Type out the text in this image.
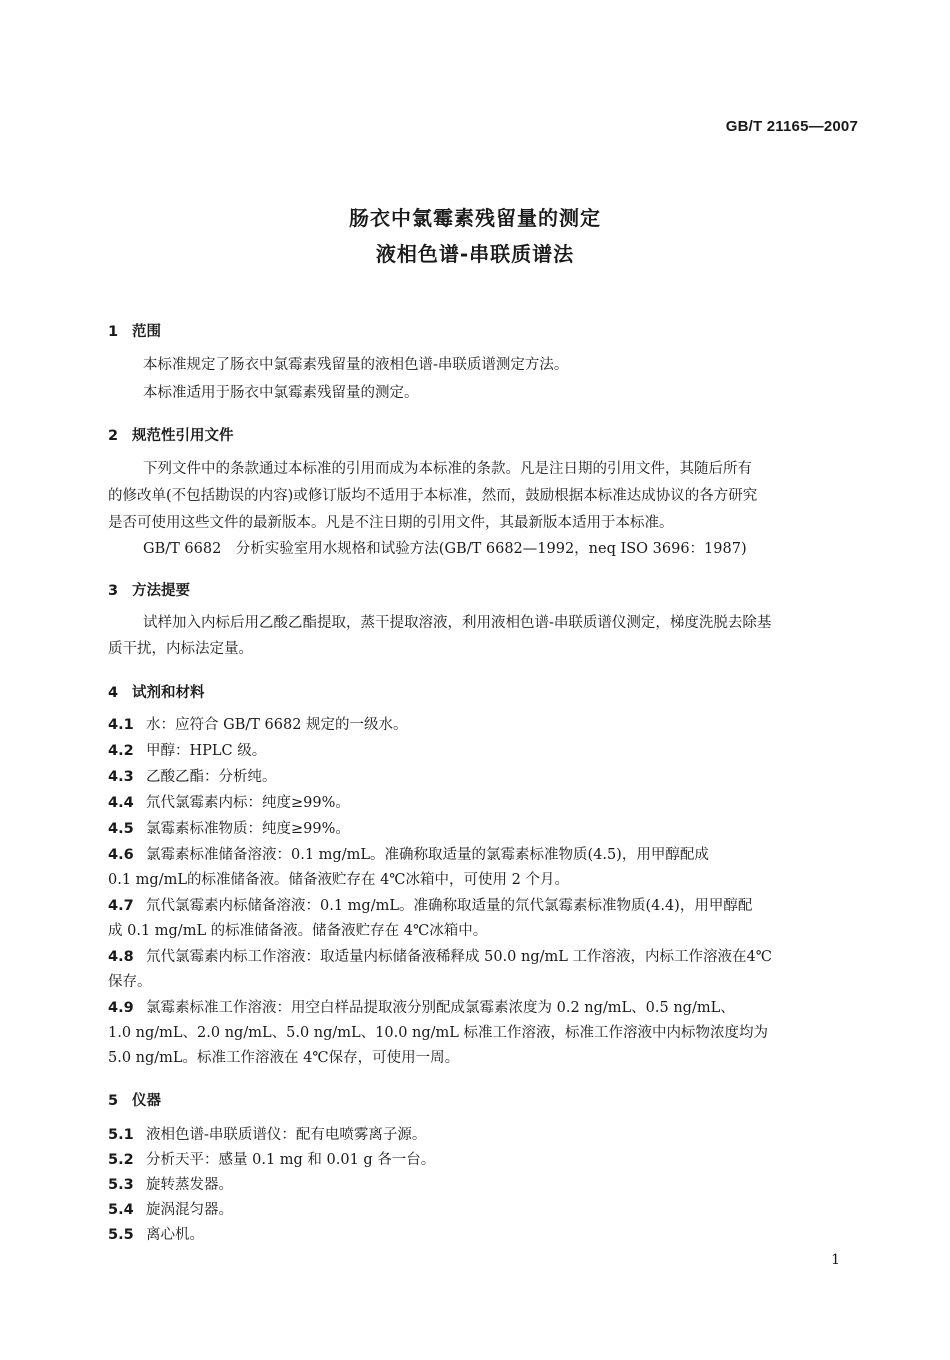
GB/T 21165—2007
肠衣中氯霉素残留量的测定
液相色谱-串联质谱法
1 范围
本标准规定了肠衣中氯霉素残留量的液相色谱-串联质谱测定方法。
本标准适用于肠衣中氯霉素残留量的测定。
2 规范性引用文件
下列文件中的条款通过本标准的引用而成为本标准的条款。凡是注日期的引用文件，其随后所有
的修改单(不包括勘误的内容)或修订版均不适用于本标准，然而，鼓励根据本标准达成协议的各方研究
是否可使用这些文件的最新版本。凡是不注日期的引用文件，其最新版本适用于本标准。
GB/T 6682　分析实验室用水规格和试验方法(GB/T 6682—1992，neq ISO 3696：1987)
3 方法提要
试样加入内标后用乙酸乙酯提取，蒸干提取溶液，利用液相色谱-串联质谱仪测定，梯度洗脱去除基
质干扰，内标法定量。
4 试剂和材料
4.1 水：应符合 GB/T 6682 规定的一级水。
4.2 甲醇：HPLC 级。
4.3 乙酸乙酯：分析纯。
4.4 氘代氯霉素内标：纯度≥99%。
4.5 氯霉素标准物质：纯度≥99%。
4.6 氯霉素标准储备溶液：0.1 mg/mL。准确称取适量的氯霉素标准物质(4.5)，用甲醇配成
0.1 mg/mL的标准储备液。储备液贮存在 4℃冰箱中，可使用 2 个月。
4.7 氘代氯霉素内标储备溶液：0.1 mg/mL。准确称取适量的氘代氯霉素标准物质(4.4)，用甲醇配
成 0.1 mg/mL 的标准储备液。储备液贮存在 4℃冰箱中。
4.8 氘代氯霉素内标工作溶液：取适量内标储备液稀释成 50.0 ng/mL 工作溶液，内标工作溶液在4℃
保存。
4.9 氯霉素标准工作溶液：用空白样品提取液分别配成氯霉素浓度为 0.2 ng/mL、0.5 ng/mL、
1.0 ng/mL、2.0 ng/mL、5.0 ng/mL、10.0 ng/mL 标准工作溶液，标准工作溶液中内标物浓度均为
5.0 ng/mL。标准工作溶液在 4℃保存，可使用一周。
5 仪器
5.1 液相色谱-串联质谱仪：配有电喷雾离子源。
5.2 分析天平：感量 0.1 mg 和 0.01 g 各一台。
5.3 旋转蒸发器。
5.4 旋涡混匀器。
5.5 离心机。
1
